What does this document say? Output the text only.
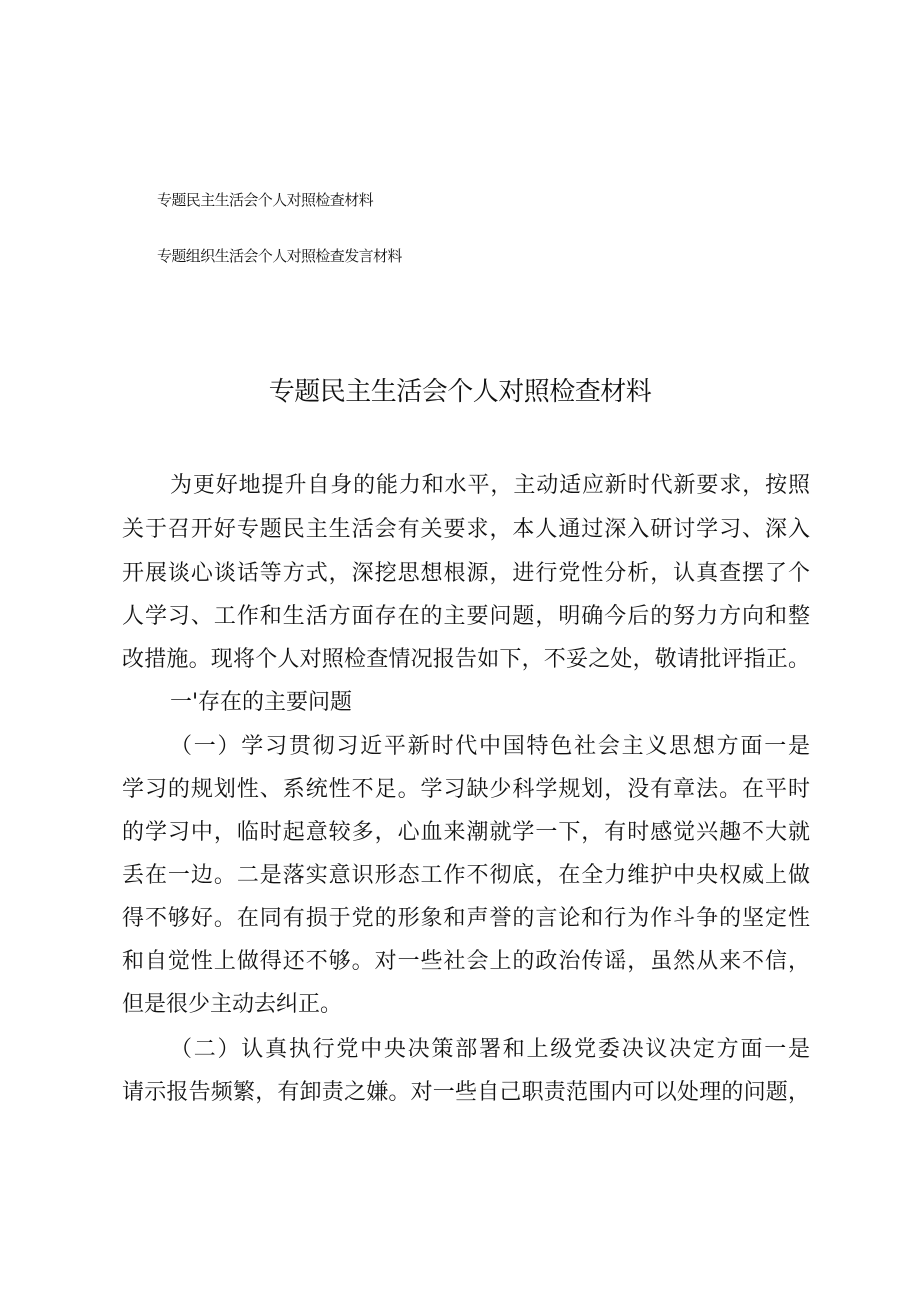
专题民主生活会个人对照检查材料
专题组织生活会个人对照检查发言材料
专题民主生活会个人对照检查材料
为更好地提升自身的能力和水平，主动适应新时代新要求，按照
关于召开好专题民主生活会有关要求，本人通过深入研讨学习、深入
开展谈心谈话等方式，深挖思想根源，进行党性分析，认真查摆了个
人学习、工作和生活方面存在的主要问题，明确今后的努力方向和整
改措施。现将个人对照检查情况报告如下，不妥之处，敬请批评指正。
一'存在的主要问题
（一）学习贯彻习近平新时代中国特色社会主义思想方面一是
学习的规划性、系统性不足。学习缺少科学规划，没有章法。在平时
的学习中，临时起意较多，心血来潮就学一下，有时感觉兴趣不大就
丢在一边。二是落实意识形态工作不彻底，在全力维护中央权威上做
得不够好。在同有损于党的形象和声誉的言论和行为作斗争的坚定性
和自觉性上做得还不够。对一些社会上的政治传谣，虽然从来不信，
但是很少主动去纠正。
（二）认真执行党中央决策部署和上级党委决议决定方面一是
请示报告频繁，有卸责之嫌。对一些自己职责范围内可以处理的问题，
